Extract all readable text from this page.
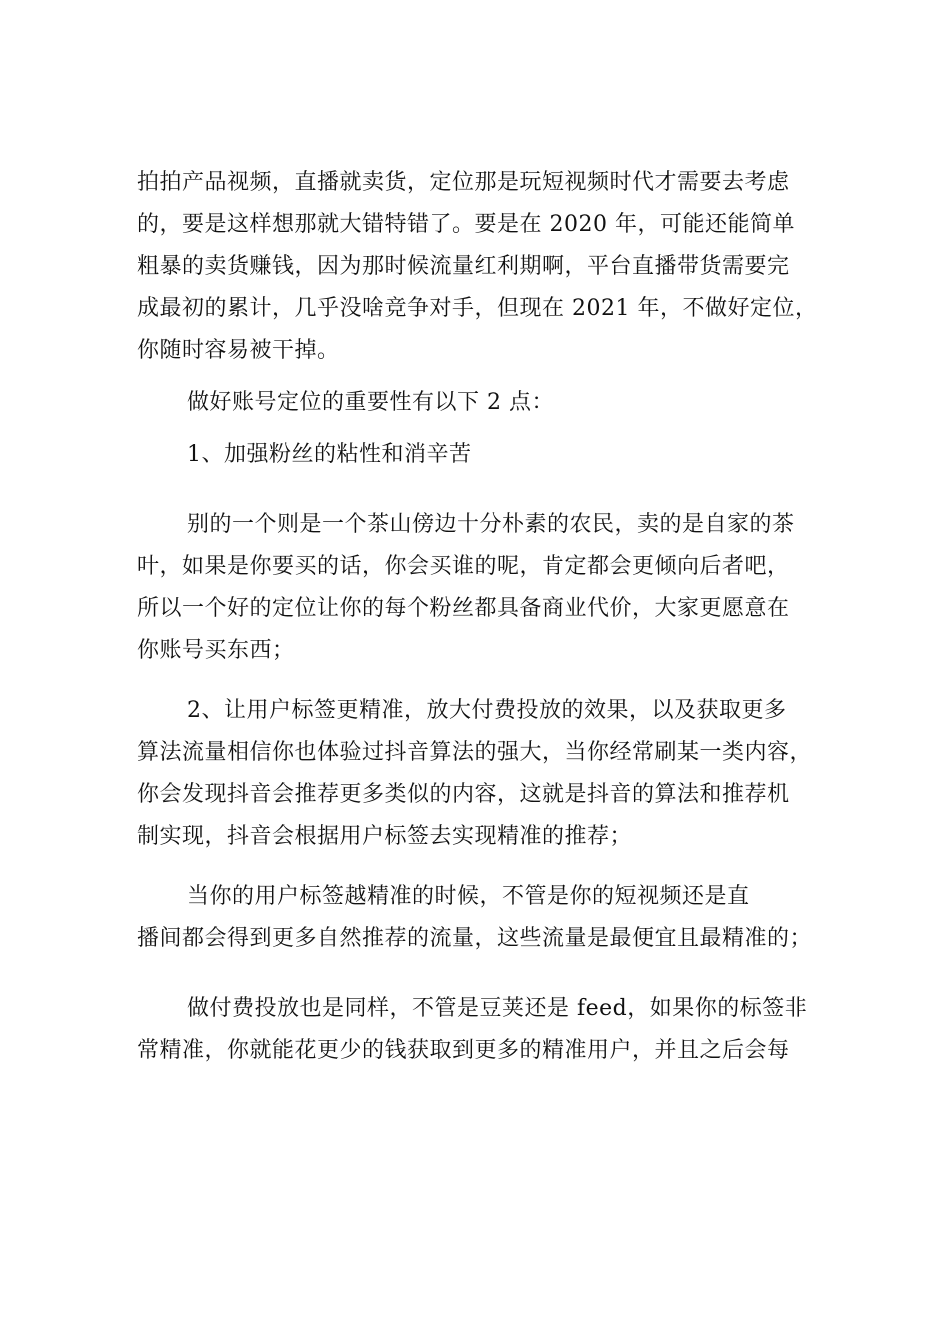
拍拍产品视频，直播就卖货，定位那是玩短视频时代才需要去考虑
的，要是这样想那就大错特错了。要是在 2020 年，可能还能简单
粗暴的卖货赚钱，因为那时候流量红利期啊，平台直播带货需要完
成最初的累计，几乎没啥竞争对手，但现在 2021 年，不做好定位，
你随时容易被干掉。

做好账号定位的重要性有以下 2 点：

1、加强粉丝的粘性和消辛苦

别的一个则是一个茶山傍边十分朴素的农民，卖的是自家的茶
叶，如果是你要买的话，你会买谁的呢，肯定都会更倾向后者吧，
所以一个好的定位让你的每个粉丝都具备商业代价，大家更愿意在
你账号买东西；

2、让用户标签更精准，放大付费投放的效果，以及获取更多
算法流量相信你也体验过抖音算法的强大，当你经常刷某一类内容，
你会发现抖音会推荐更多类似的内容，这就是抖音的算法和推荐机
制实现，抖音会根据用户标签去实现精准的推荐；

当你的用户标签越精准的时候，不管是你的短视频还是直
播间都会得到更多自然推荐的流量，这些流量是最便宜且最精准的；

做付费投放也是同样，不管是豆荚还是 feed，如果你的标签非
常精准，你就能花更少的钱获取到更多的精准用户，并且之后会每
